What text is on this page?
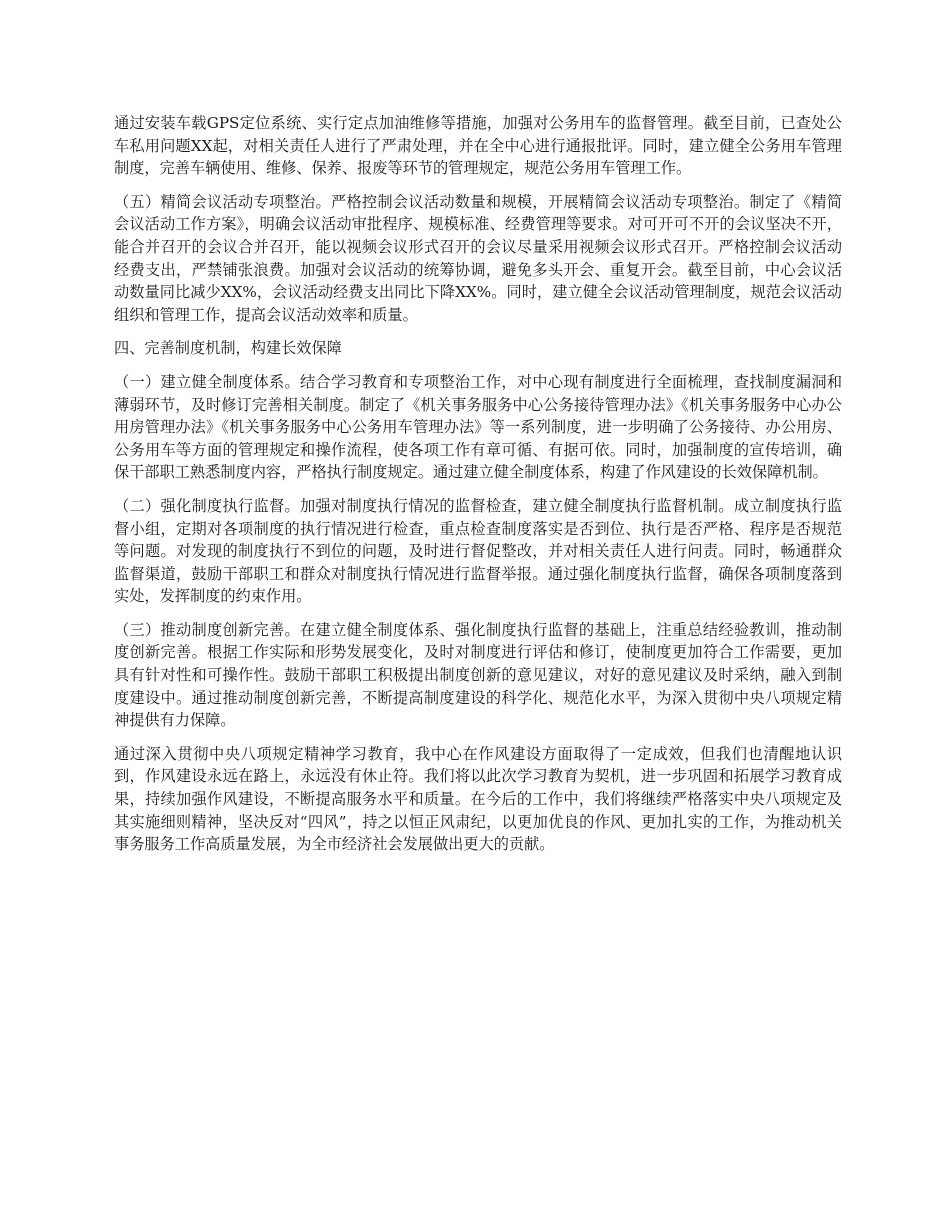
通过安装车载GPS定位系统、实行定点加油维修等措施，加强对公务用车的监督管理。截至目前，已查处公车私用问题XX起，对相关责任人进行了严肃处理，并在全中心进行通报批评。同时，建立健全公务用车管理制度，完善车辆使用、维修、保养、报废等环节的管理规定，规范公务用车管理工作。

（五）精简会议活动专项整治。严格控制会议活动数量和规模，开展精简会议活动专项整治。制定了《精简会议活动工作方案》，明确会议活动审批程序、规模标准、经费管理等要求。对可开可不开的会议坚决不开，能合并召开的会议合并召开，能以视频会议形式召开的会议尽量采用视频会议形式召开。严格控制会议活动经费支出，严禁铺张浪费。加强对会议活动的统筹协调，避免多头开会、重复开会。截至目前，中心会议活动数量同比减少XX%，会议活动经费支出同比下降XX%。同时，建立健全会议活动管理制度，规范会议活动组织和管理工作，提高会议活动效率和质量。

四、完善制度机制，构建长效保障

（一）建立健全制度体系。结合学习教育和专项整治工作，对中心现有制度进行全面梳理，查找制度漏洞和薄弱环节，及时修订完善相关制度。制定了《机关事务服务中心公务接待管理办法》《机关事务服务中心办公用房管理办法》《机关事务服务中心公务用车管理办法》等一系列制度，进一步明确了公务接待、办公用房、公务用车等方面的管理规定和操作流程，使各项工作有章可循、有据可依。同时，加强制度的宣传培训，确保干部职工熟悉制度内容，严格执行制度规定。通过建立健全制度体系，构建了作风建设的长效保障机制。

（二）强化制度执行监督。加强对制度执行情况的监督检查，建立健全制度执行监督机制。成立制度执行监督小组，定期对各项制度的执行情况进行检查，重点检查制度落实是否到位、执行是否严格、程序是否规范等问题。对发现的制度执行不到位的问题，及时进行督促整改，并对相关责任人进行问责。同时，畅通群众监督渠道，鼓励干部职工和群众对制度执行情况进行监督举报。通过强化制度执行监督，确保各项制度落到实处，发挥制度的约束作用。

（三）推动制度创新完善。在建立健全制度体系、强化制度执行监督的基础上，注重总结经验教训，推动制度创新完善。根据工作实际和形势发展变化，及时对制度进行评估和修订，使制度更加符合工作需要，更加具有针对性和可操作性。鼓励干部职工积极提出制度创新的意见建议，对好的意见建议及时采纳，融入到制度建设中。通过推动制度创新完善，不断提高制度建设的科学化、规范化水平，为深入贯彻中央八项规定精神提供有力保障。

通过深入贯彻中央八项规定精神学习教育，我中心在作风建设方面取得了一定成效，但我们也清醒地认识到，作风建设永远在路上，永远没有休止符。我们将以此次学习教育为契机，进一步巩固和拓展学习教育成果，持续加强作风建设，不断提高服务水平和质量。在今后的工作中，我们将继续严格落实中央八项规定及其实施细则精神，坚决反对“四风”，持之以恒正风肃纪，以更加优良的作风、更加扎实的工作，为推动机关事务服务工作高质量发展，为全市经济社会发展做出更大的贡献。
